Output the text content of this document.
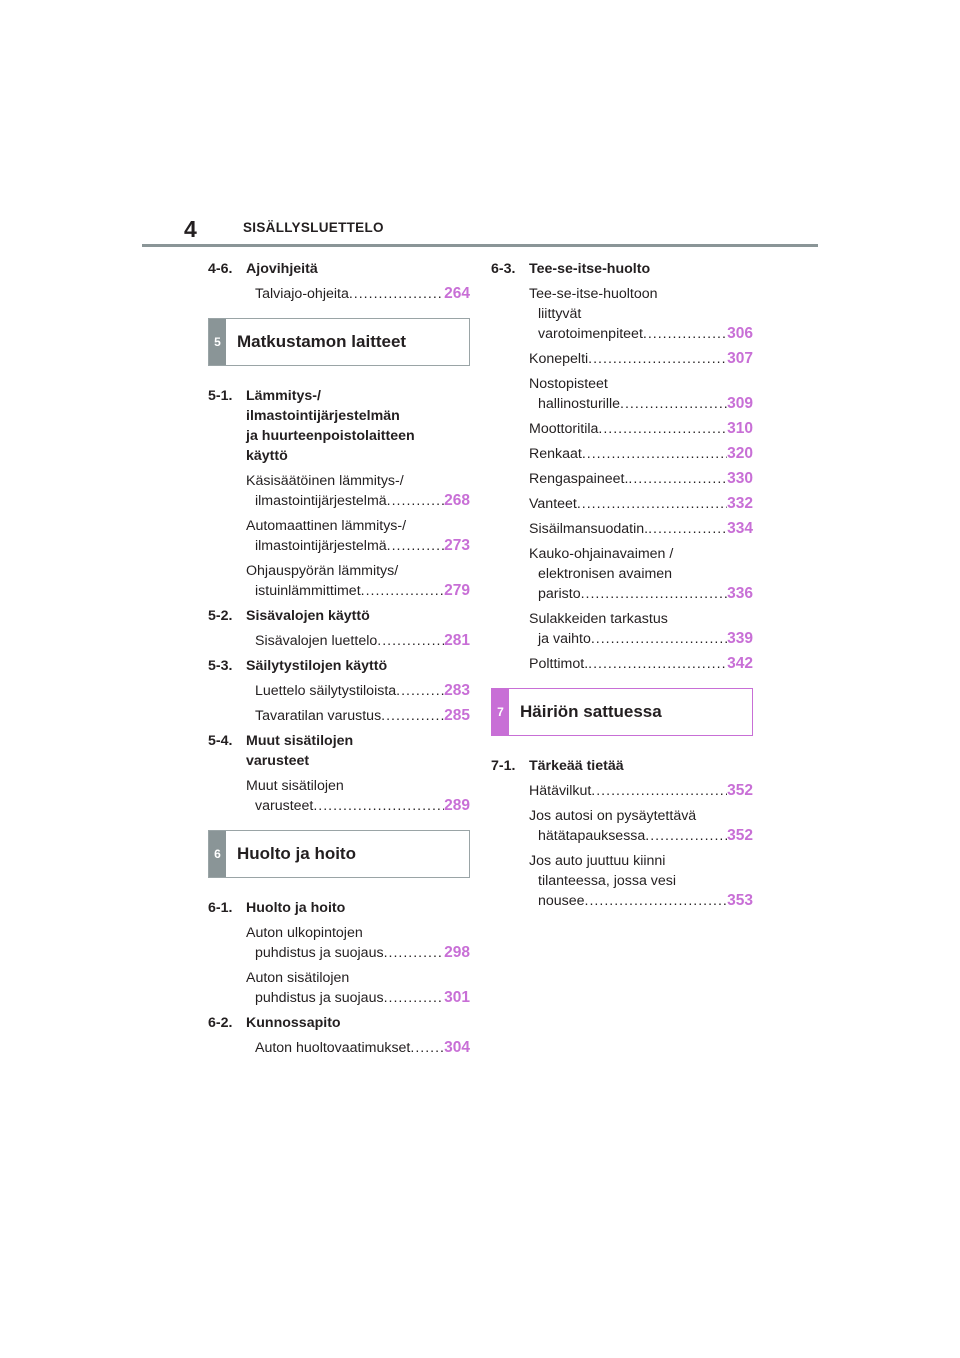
4	SISÄLLYSLUETTELO
4-6. Ajovihjeitä
Talviajo-ohjeita .....	264
5 Matkustamon laitteet
5-1. Lämmitys-/
ilmastointijärjestelmän
ja huurteenpoistolaitteen
käyttö
Käsisäätöinen lämmitys-/
ilmastointijärjestelmä .....	268
Automaattinen lämmitys-/
ilmastointijärjestelmä .....	273
Ohjauspyörän lämmitys/
istuinlämmittimet .....	279
5-2. Sisävalojen käyttö
Sisävalojen luettelo .....	281
5-3. Säilytystilojen käyttö
Luettelo säilytystiloista .....	283
Tavaratilan varustus .....	285
5-4. Muut sisätilojen
varusteet
Muut sisätilojen
varusteet .....	289
6 Huolto ja hoito
6-1. Huolto ja hoito
Auton ulkopintojen
puhdistus ja suojaus .....	298
Auton sisätilojen
puhdistus ja suojaus .....	301
6-2. Kunnossapito
Auton huoltovaatimukset ..... 304
6-3. Tee-se-itse-huolto
Tee-se-itse-huoltoon
liittyvät
varotoimenpiteet .....	306
Konepelti .....	307
Nostopisteet
hallinosturille .....	309
Moottoritila .....	310
Renkaat .....	320
Rengaspaineet. .....	330
Vanteet .....	332
Sisäilmansuodatin. .....	334
Kauko-ohjainavaimen /
elektronisen avaimen
paristo .....	336
Sulakkeiden tarkastus
ja vaihto .....	339
Polttimot. .....	342
7 Häiriön sattuessa
7-1. Tärkeää tietää
Hätävilkut .....	352
Jos autosi on pysäytettävä
hätätapauksessa .....	352
Jos auto juuttuu kiinni
tilanteessa, jossa vesi
nousee .....	353
